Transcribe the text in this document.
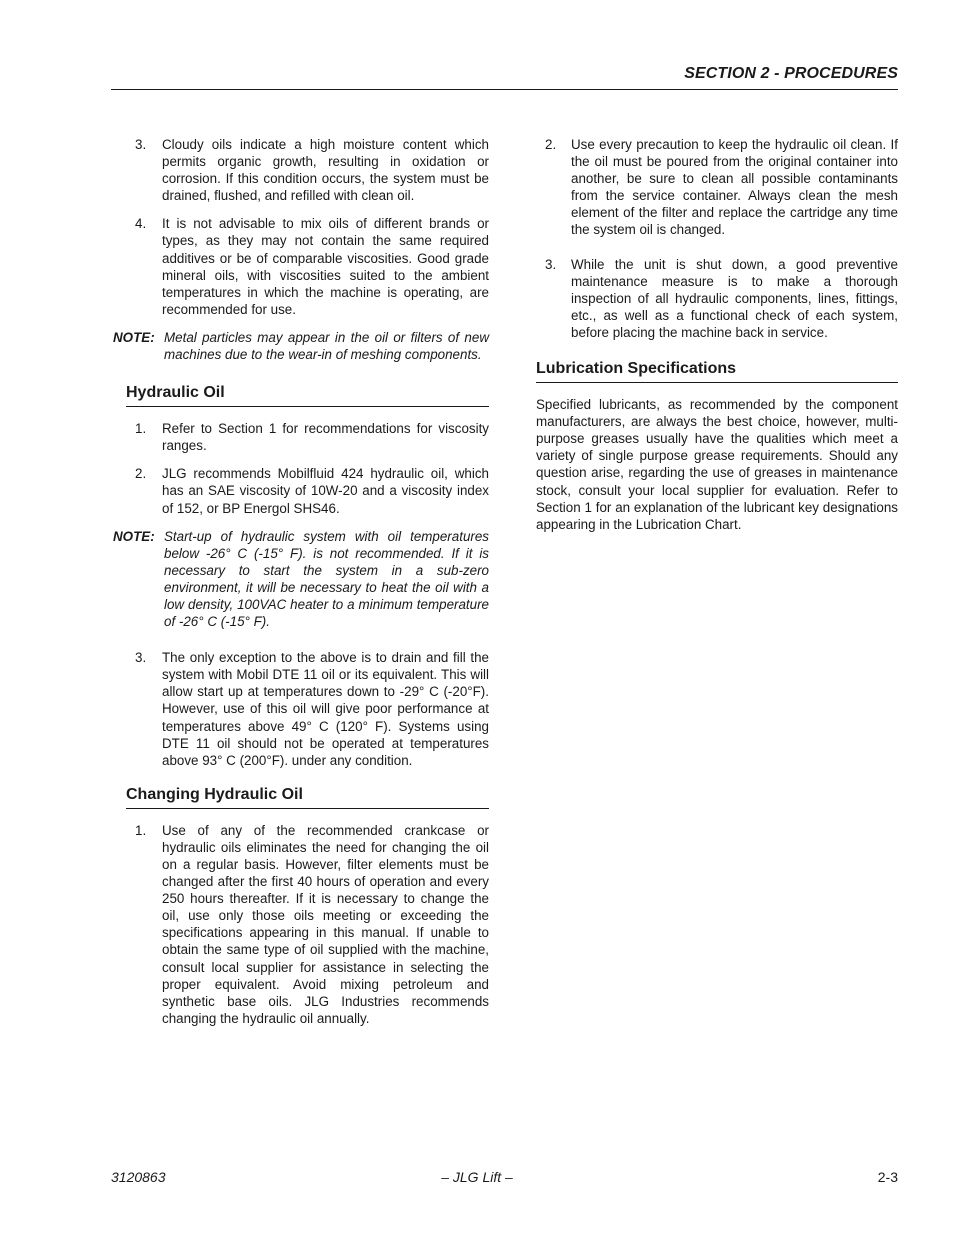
SECTION 2 - PROCEDURES
3. Cloudy oils indicate a high moisture content which permits organic growth, resulting in oxidation or corrosion. If this condition occurs, the system must be drained, flushed, and refilled with clean oil.
4. It is not advisable to mix oils of different brands or types, as they may not contain the same required additives or be of comparable viscosities. Good grade mineral oils, with viscosities suited to the ambient temperatures in which the machine is operating, are recommended for use.
NOTE: Metal particles may appear in the oil or filters of new machines due to the wear-in of meshing components.
Hydraulic Oil
1. Refer to Section 1 for recommendations for viscosity ranges.
2. JLG recommends Mobilfluid 424 hydraulic oil, which has an SAE viscosity of 10W-20 and a viscosity index of 152, or BP Energol SHS46.
NOTE: Start-up of hydraulic system with oil temperatures below -26° C (-15° F). is not recommended. If it is necessary to start the system in a sub-zero environment, it will be necessary to heat the oil with a low density, 100VAC heater to a minimum temperature of -26° C (-15° F).
3. The only exception to the above is to drain and fill the system with Mobil DTE 11 oil or its equivalent. This will allow start up at temperatures down to -29° C (-20°F). However, use of this oil will give poor performance at temperatures above 49° C (120° F). Systems using DTE 11 oil should not be operated at temperatures above 93° C (200°F). under any condition.
Changing Hydraulic Oil
1. Use of any of the recommended crankcase or hydraulic oils eliminates the need for changing the oil on a regular basis. However, filter elements must be changed after the first 40 hours of operation and every 250 hours thereafter. If it is necessary to change the oil, use only those oils meeting or exceeding the specifications appearing in this manual. If unable to obtain the same type of oil supplied with the machine, consult local supplier for assistance in selecting the proper equivalent. Avoid mixing petroleum and synthetic base oils. JLG Industries recommends changing the hydraulic oil annually.
2. Use every precaution to keep the hydraulic oil clean. If the oil must be poured from the original container into another, be sure to clean all possible contaminants from the service container. Always clean the mesh element of the filter and replace the cartridge any time the system oil is changed.
3. While the unit is shut down, a good preventive maintenance measure is to make a thorough inspection of all hydraulic components, lines, fittings, etc., as well as a functional check of each system, before placing the machine back in service.
Lubrication Specifications
Specified lubricants, as recommended by the component manufacturers, are always the best choice, however, multi-purpose greases usually have the qualities which meet a variety of single purpose grease requirements. Should any question arise, regarding the use of greases in maintenance stock, consult your local supplier for evaluation. Refer to Section 1 for an explanation of the lubricant key designations appearing in the Lubrication Chart.
3120863	– JLG Lift –	2-3
